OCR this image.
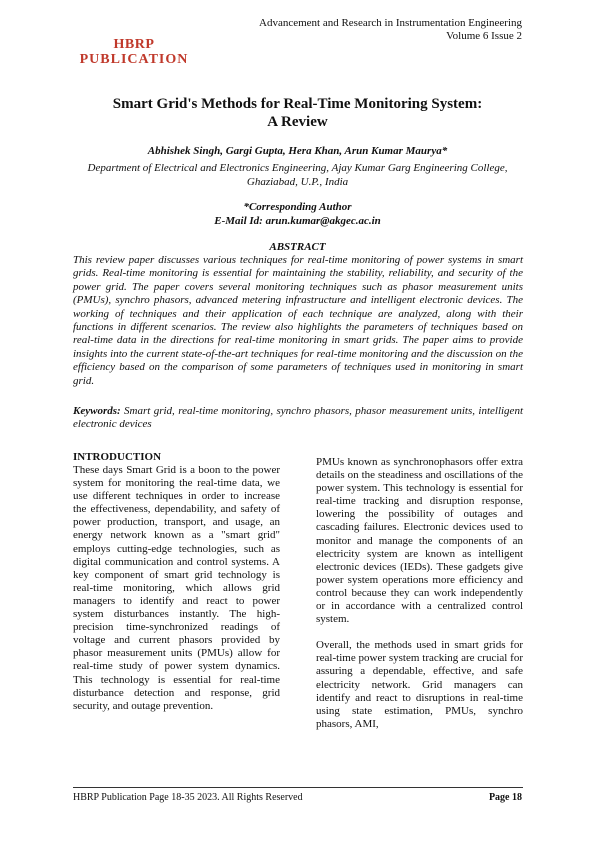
HBRP
PUBLICATION
Advancement and Research in Instrumentation Engineering
Volume 6 Issue 2
Smart Grid's Methods for Real-Time Monitoring System:
A Review
Abhishek Singh, Gargi Gupta, Hera Khan, Arun Kumar Maurya*
Department of Electrical and Electronics Engineering, Ajay Kumar Garg Engineering College, Ghaziabad, U.P., India
*Corresponding Author
E-Mail Id: arun.kumar@akgec.ac.in
ABSTRACT
This review paper discusses various techniques for real-time monitoring of power systems in smart grids. Real-time monitoring is essential for maintaining the stability, reliability, and security of the power grid. The paper covers several monitoring techniques such as phasor measurement units (PMUs), synchro phasors, advanced metering infrastructure and intelligent electronic devices. The working of techniques and their application of each technique are analyzed, along with their functions in different scenarios. The review also highlights the parameters of techniques based on real-time data in the directions for real-time monitoring in smart grids. The paper aims to provide insights into the current state-of-the-art techniques for real-time monitoring and the discussion on the efficiency based on the comparison of some parameters of techniques used in monitoring in smart grid.
Keywords: Smart grid, real-time monitoring, synchro phasors, phasor measurement units, intelligent electronic devices

INTRODUCTION

These days Smart Grid is a boon to the power system for monitoring the real-time data, we use different techniques in order to increase the effectiveness, dependability, and safety of power production, transport, and usage, an energy network known as a "smart grid" employs cutting-edge technologies, such as digital communication and control systems. A key component of smart grid technology is real-time monitoring, which allows grid managers to identify and react to power system disturbances instantly. The high-precision time-synchronized readings of voltage and current phasors provided by phasor measurement units (PMUs) allow for real-time study of power system dynamics. This technology is essential for real-time disturbance detection and response, grid security, and outage prevention.

PMUs known as synchronophasors offer extra details on the steadiness and oscillations of the power system. This technology is essential for real-time tracking and disruption response, lowering the possibility of outages and cascading failures. Electronic devices used to monitor and manage the components of an electricity system are known as intelligent electronic devices (IEDs). These gadgets give power system operations more efficiency and control because they can work independently or in accordance with a centralized control system.

Overall, the methods used in smart grids for real-time power system tracking are crucial for assuring a dependable, effective, and safe electricity network. Grid managers can identify and react to disruptions in real-time using state estimation, PMUs, synchro phasors, AMI,

HBRP Publication Page 18-35 2023. All Rights Reserved	Page 18
